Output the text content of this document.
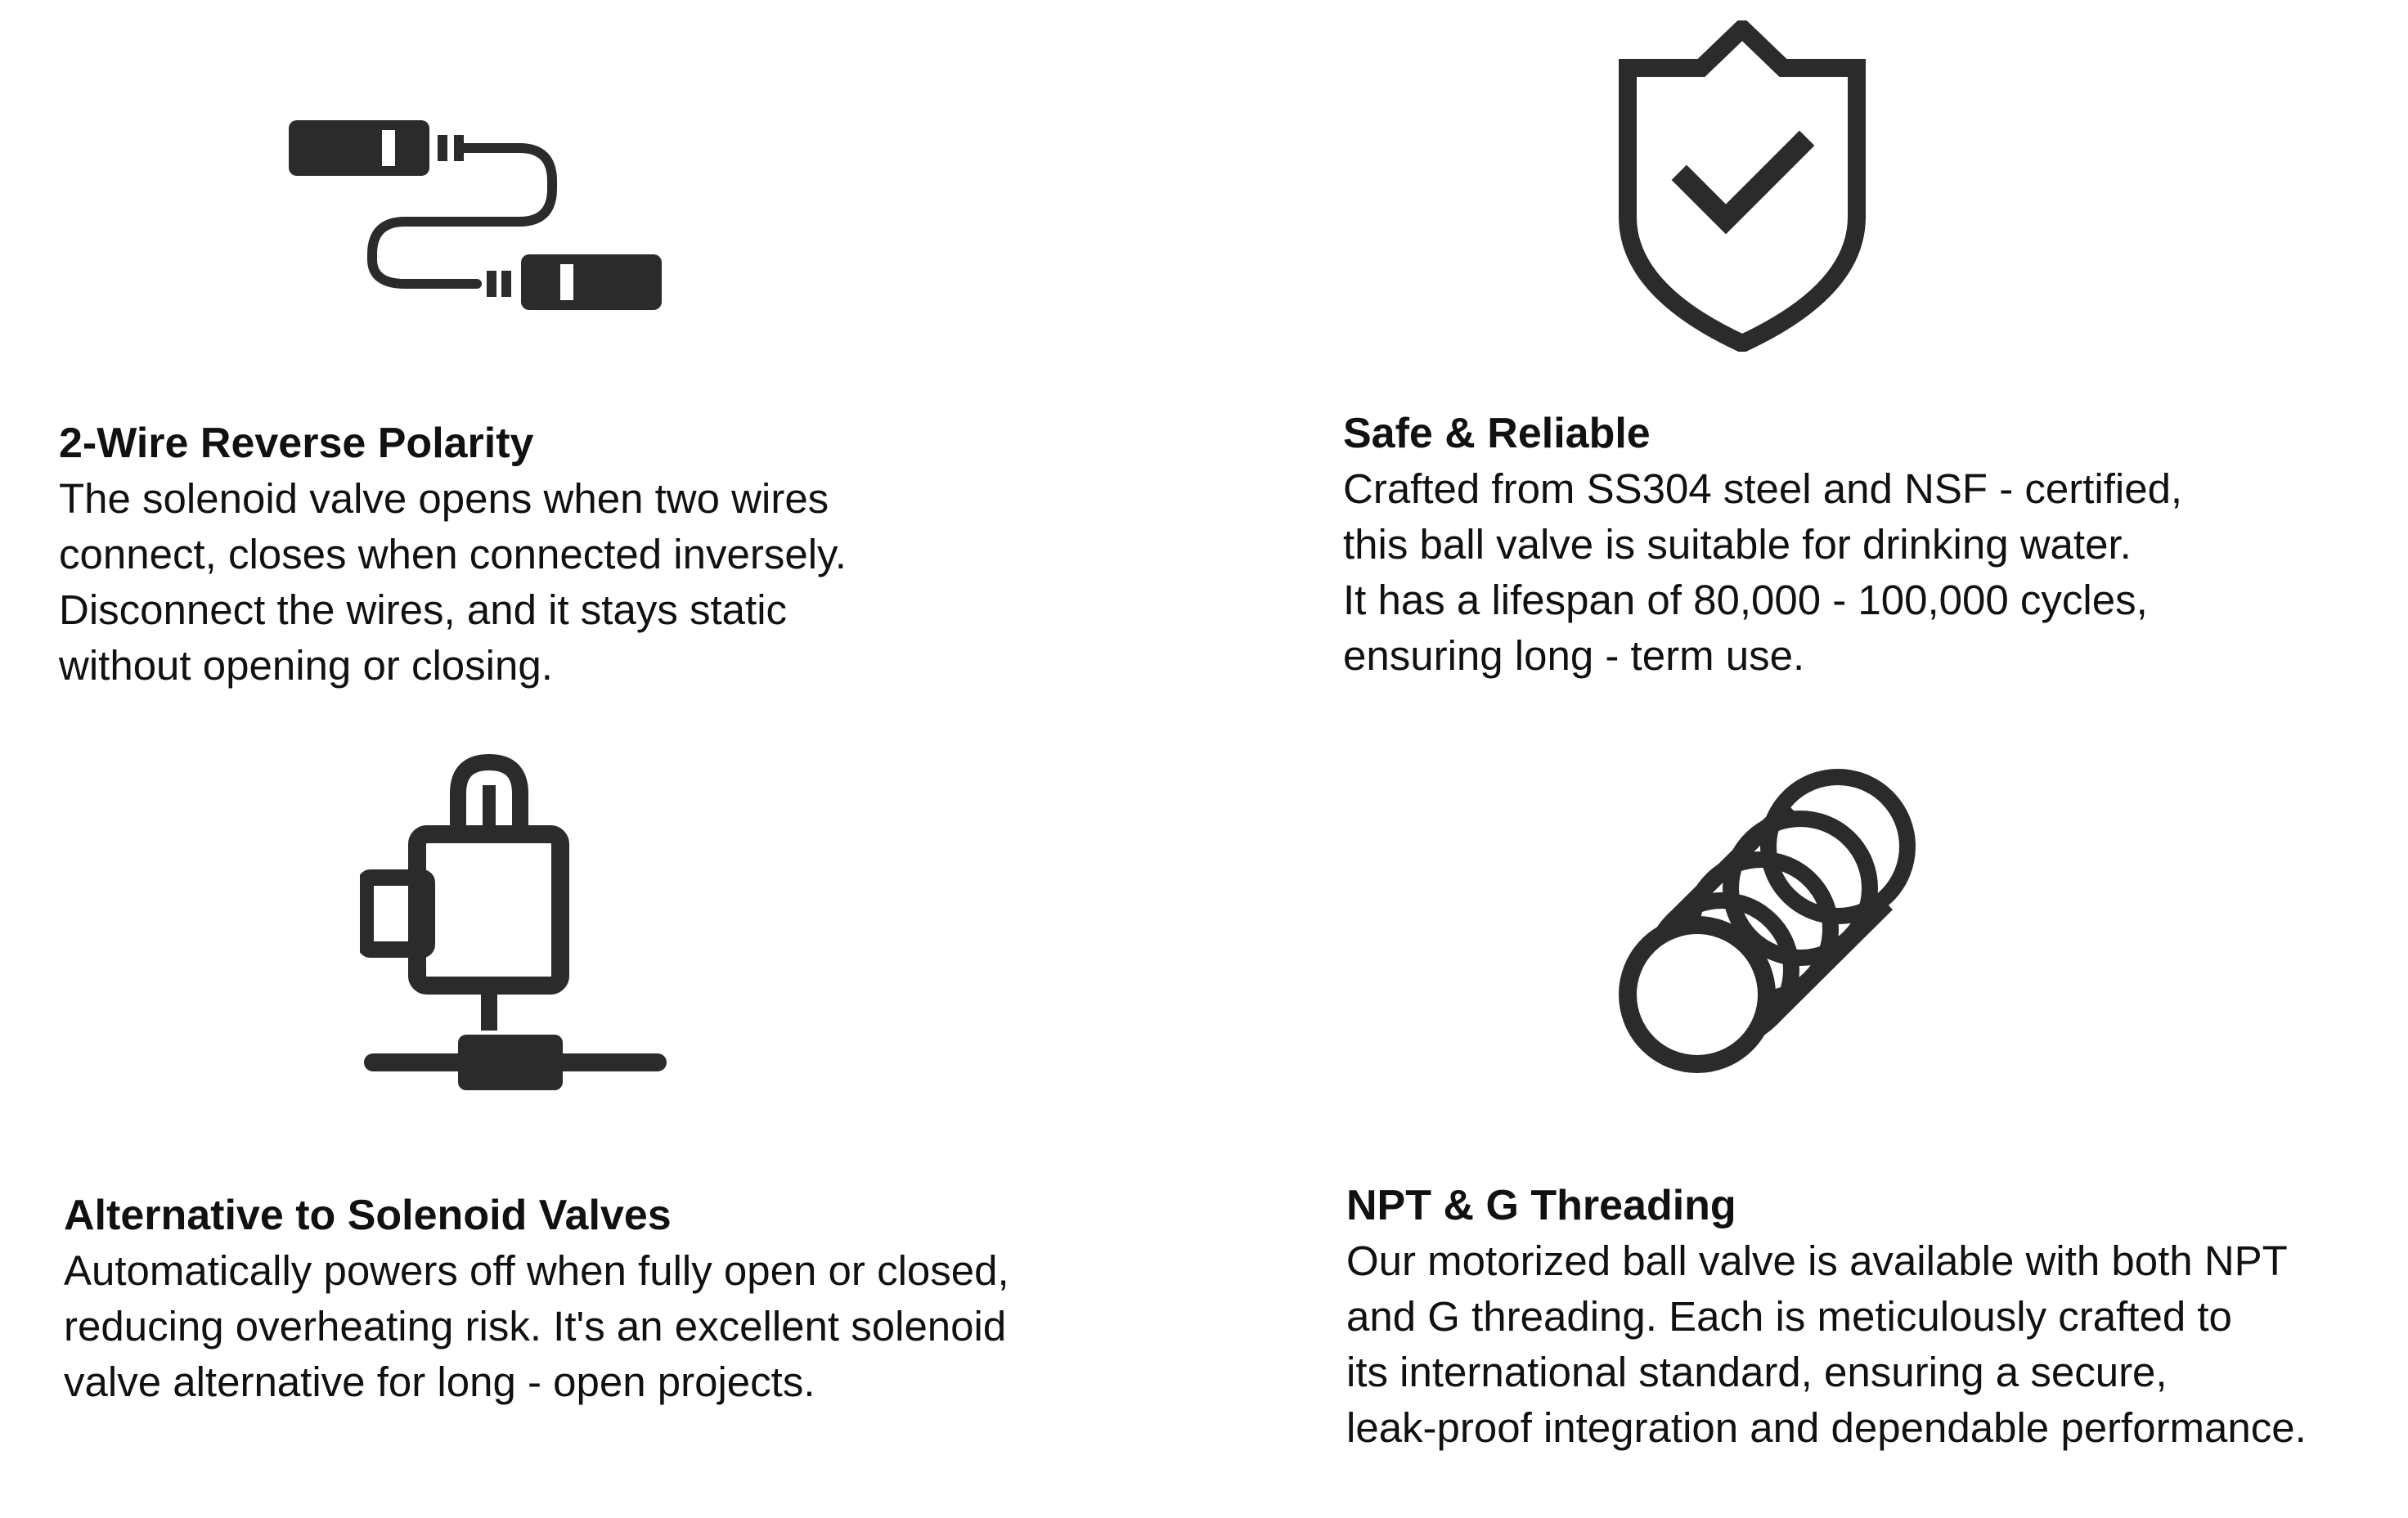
2-Wire Reverse Polarity
The solenoid valve opens when two wires
connect, closes when connected inversely.
Disconnect the wires, and it stays static
without opening or closing.
Safe & Reliable
Crafted from SS304 steel and NSF - certified,
this ball valve is suitable for drinking water.
It has a lifespan of 80,000 - 100,000 cycles,
ensuring long - term use.
Alternative to Solenoid Valves
Automatically powers off when fully open or closed,
reducing overheating risk. It's an excellent solenoid
valve alternative for long - open projects.
NPT & G Threading
Our motorized ball valve is available with both NPT
and G threading. Each is meticulously crafted to
its international standard, ensuring a secure,
leak-proof integration and dependable performance.
